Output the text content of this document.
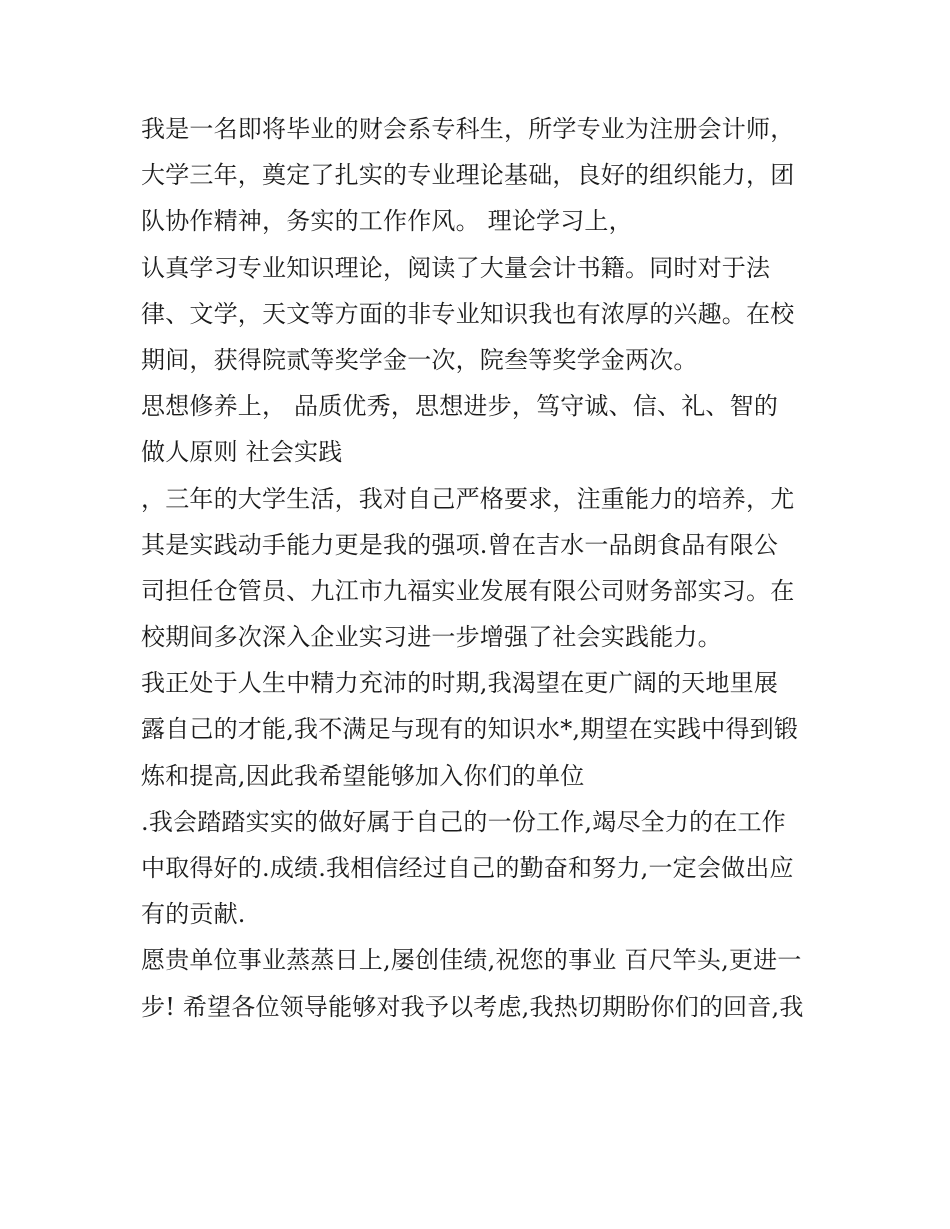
我是一名即将毕业的财会系专科生，所学专业为注册会计师，
大学三年，奠定了扎实的专业理论基础，良好的组织能力，团
队协作精神，务实的工作作风。 理论学习上，
认真学习专业知识理论，阅读了大量会计书籍。同时对于法
律、文学，天文等方面的非专业知识我也有浓厚的兴趣。在校
期间，获得院贰等奖学金一次，院叁等奖学金两次。
思想修养上， 品质优秀，思想进步，笃守诚、信、礼、智的
做人原则 社会实践
，三年的大学生活，我对自己严格要求，注重能力的培养，尤
其是实践动手能力更是我的强项.曾在吉水一品朗食品有限公
司担任仓管员、九江市九福实业发展有限公司财务部实习。在
校期间多次深入企业实习进一步增强了社会实践能力。
我正处于人生中精力充沛的时期,我渴望在更广阔的天地里展
露自己的才能,我不满足与现有的知识水*,期望在实践中得到锻
炼和提高,因此我希望能够加入你们的单位
.我会踏踏实实的做好属于自己的一份工作,竭尽全力的在工作
中取得好的.成绩.我相信经过自己的勤奋和努力,一定会做出应
有的贡献.
愿贵单位事业蒸蒸日上,屡创佳绩,祝您的事业 百尺竿头,更进一
步! 希望各位领导能够对我予以考虑,我热切期盼你们的回音,我
